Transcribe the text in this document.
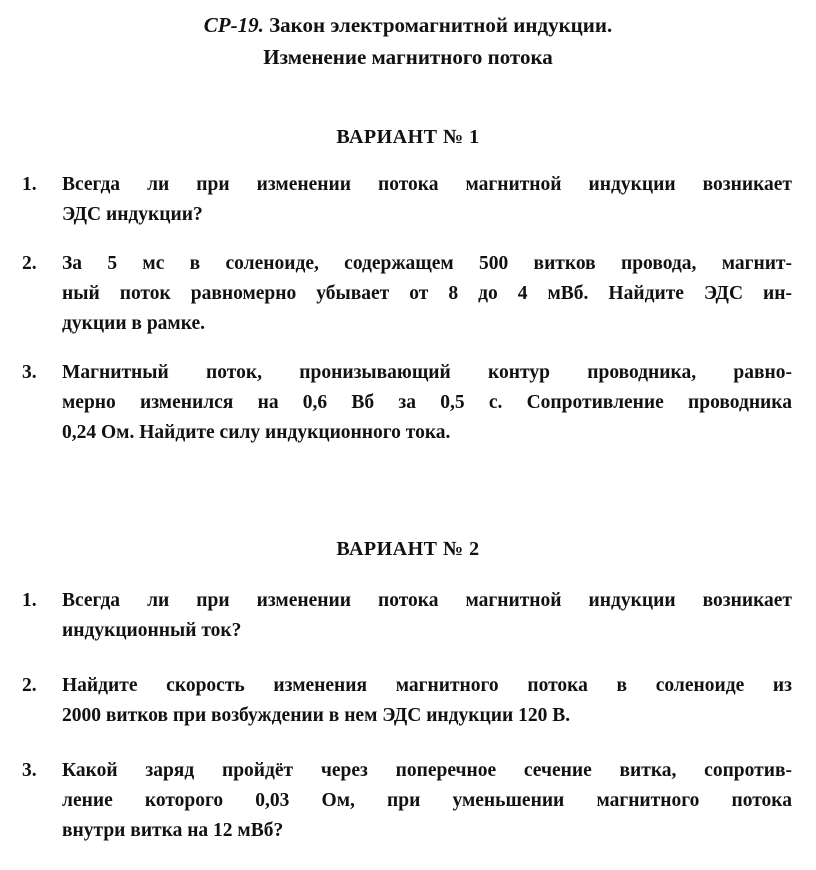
СР-19. Закон электромагнитной индукции.
Изменение магнитного потока
ВАРИАНТ № 1
1.	Всегда ли при изменении потока магнитной индукции возникает
ЭДС индукции?
2.	За 5 мс в соленоиде, содержащем 500 витков провода, магнит-
ный поток равномерно убывает от 8 до 4 мВб. Найдите ЭДС ин-
дукции в рамке.
3.	Магнитный поток, пронизывающий контур проводника, равно-
мерно изменился на 0,6 Вб за 0,5 с. Сопротивление проводника
0,24 Ом. Найдите силу индукционного тока.
ВАРИАНТ № 2
1.	Всегда ли при изменении потока магнитной индукции возникает
индукционный ток?
2.	Найдите скорость изменения магнитного потока в соленоиде из
2000 витков при возбуждении в нем ЭДС индукции 120 В.
3.	Какой заряд пройдёт через поперечное сечение витка, сопротив-
ление которого 0,03 Ом, при уменьшении магнитного потока
внутри витка на 12 мВб?
